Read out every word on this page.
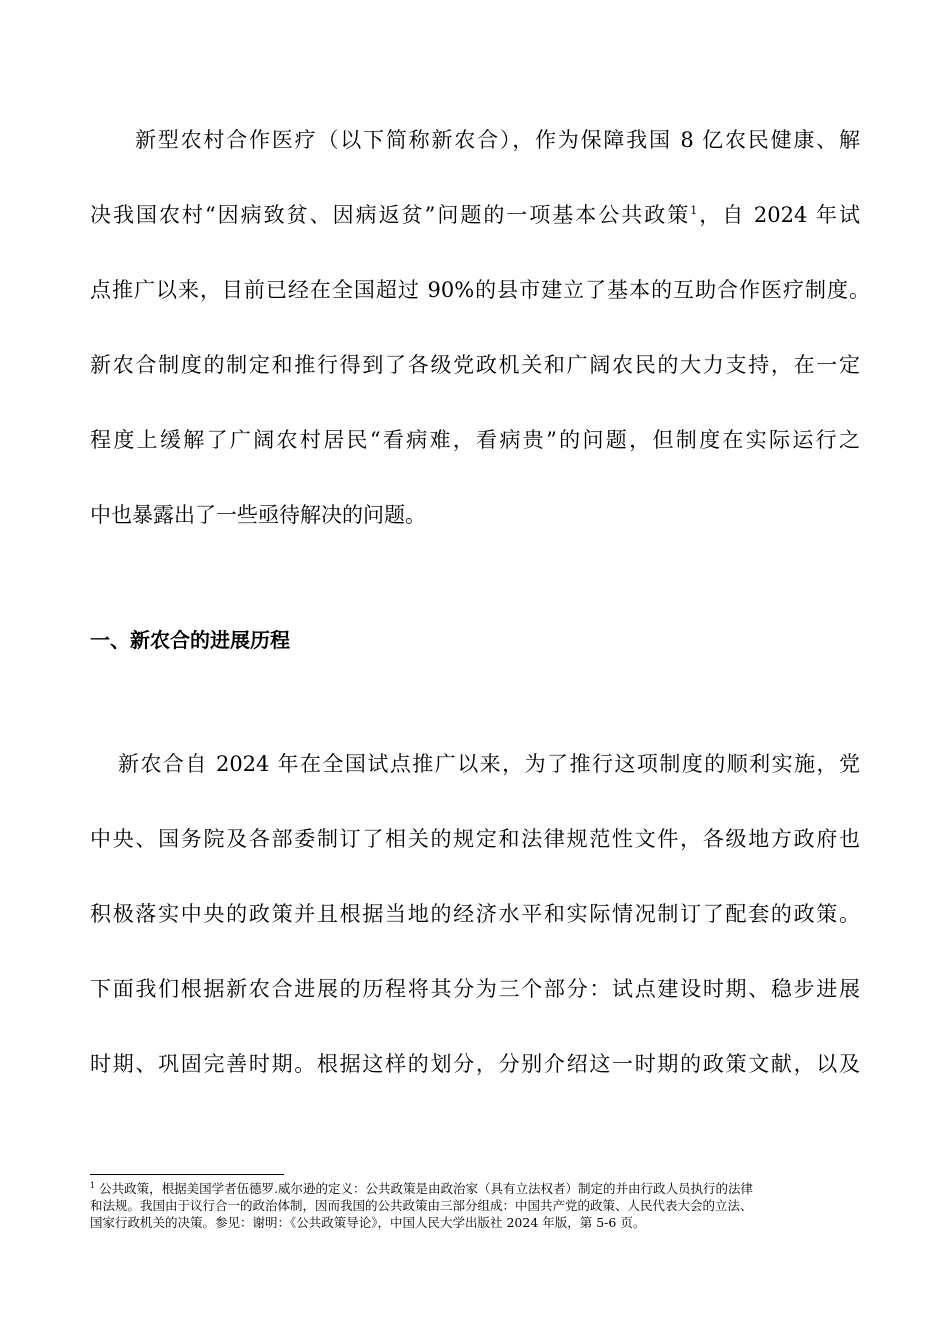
新型农村合作医疗（以下简称新农合），作为保障我国 8 亿农民健康、解
决我国农村“因病致贫、因病返贫”问题的一项基本公共政策$^1$，自 2024 年试
点推广以来，目前已经在全国超过 90%的县市建立了基本的互助合作医疗制度。
新农合制度的制定和推行得到了各级党政机关和广阔农民的大力支持，在一定
程度上缓解了广阔农村居民“看病难，看病贵”的问题，但制度在实际运行之
中也暴露出了一些亟待解决的问题。
一、新农合的进展历程
新农合自 2024 年在全国试点推广以来，为了推行这项制度的顺利实施，党
中央、国务院及各部委制订了相关的规定和法律规范性文件，各级地方政府也
积极落实中央的政策并且根据当地的经济水平和实际情况制订了配套的政策。
下面我们根据新农合进展的历程将其分为三个部分：试点建设时期、稳步进展
时期、巩固完善时期。根据这样的划分，分别介绍这一时期的政策文献，以及
$^1$ 公共政策，根据美国学者伍德罗.威尔逊的定义：公共政策是由政治家（具有立法权者）制定的并由行政人员执行的法律
和法规。我国由于议行合一的政治体制，因而我国的公共政策由三部分组成：中国共产党的政策、人民代表大会的立法、
国家行政机关的决策。参见：谢明：《公共政策导论》，中国人民大学出版社 2024 年版，第 5-6 页。
